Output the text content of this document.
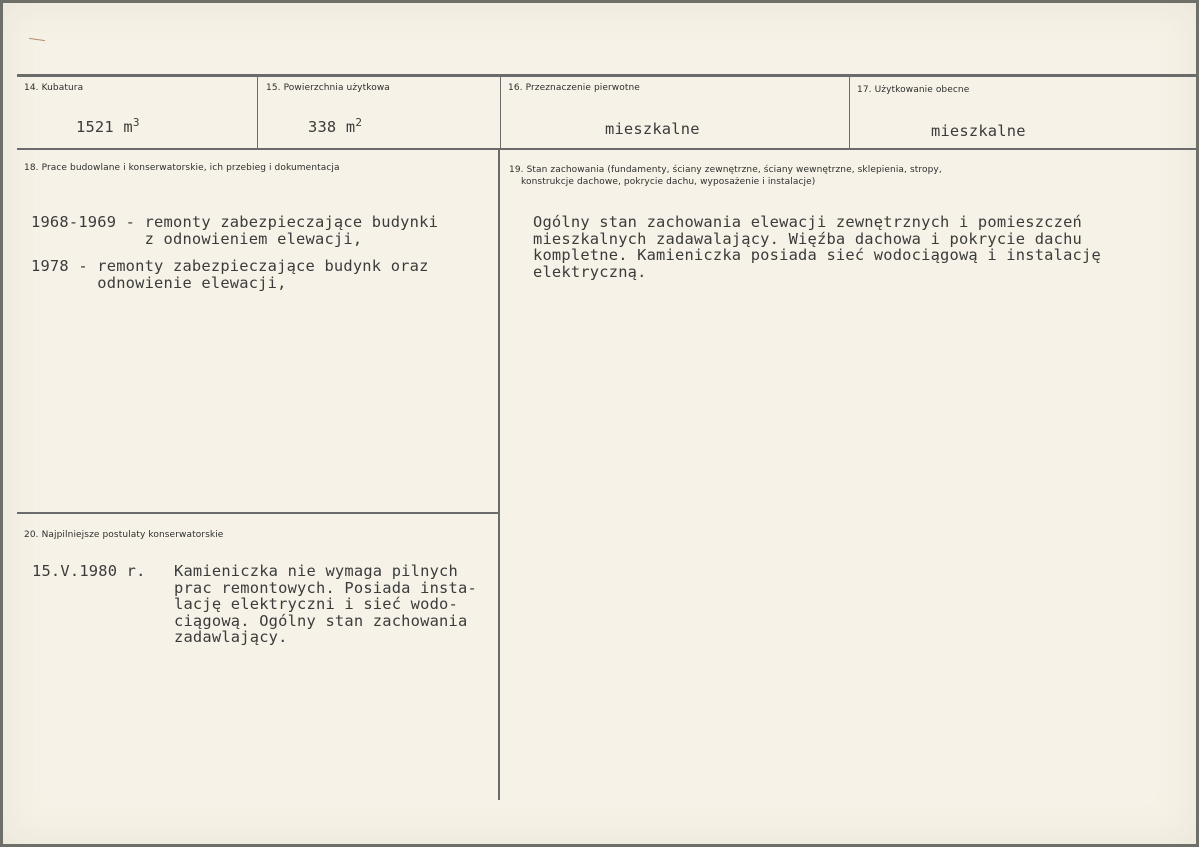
14. Kubatura
1521 $m^3$
15. Powierzchnia użytkowa
338 $m^2$
16. Przeznaczenie pierwotne
mieszkalne
17. Użytkowanie obecne
mieszkalne
18. Prace budowlane i konserwatorskie, ich przebieg i dokumentacja
1968-1969 - remonty zabezpieczające budynki
z odnowieniem elewacji,
1978 - remonty zabezpieczające budynk oraz
odnowienie elewacji,
19. Stan zachowania (fundamenty, ściany zewnętrzne, ściany wewnętrzne, sklepienia, stropy,
konstrukcje dachowe, pokrycie dachu, wyposażenie i instalacje)
Ogólny stan zachowania elewacji zewnętrznych i pomieszczeń
mieszkalnych zadawalający. Więźba dachowa i pokrycie dachu
kompletne. Kamieniczka posiada sieć wodociągową i instalację
elektryczną.
20. Najpilniejsze postulaty konserwatorskie
15.V.1980 r. Kamieniczka nie wymaga pilnych
prac remontowych. Posiada insta-
lację elektryczni i sieć wodo-
ciągową. Ogólny stan zachowania
zadawlający.
